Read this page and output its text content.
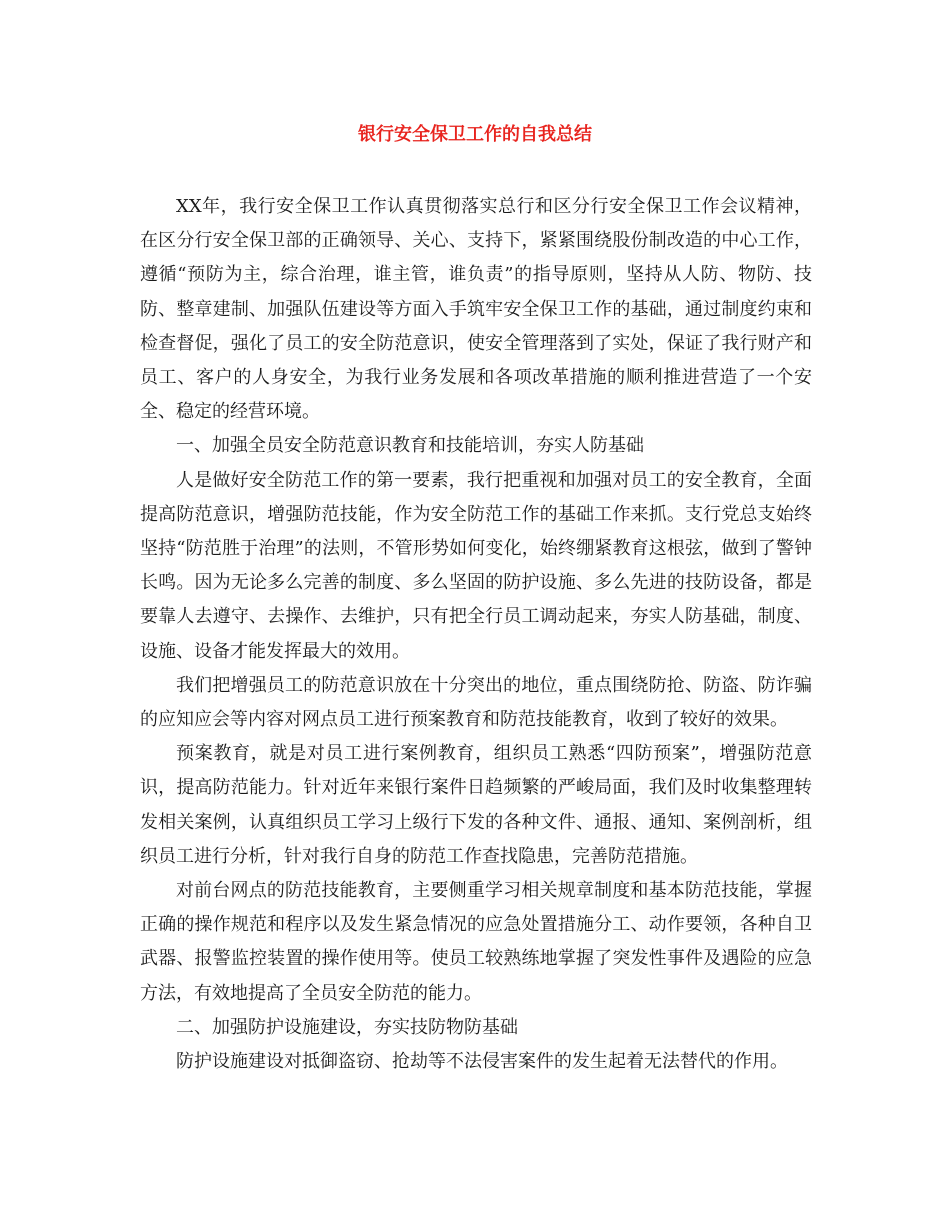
银行安全保卫工作的自我总结

XX年，我行安全保卫工作认真贯彻落实总行和区分行安全保卫工作会议精神，在区分行安全保卫部的正确领导、关心、支持下，紧紧围绕股份制改造的中心工作，遵循“预防为主，综合治理，谁主管，谁负责”的指导原则，坚持从人防、物防、技防、整章建制、加强队伍建设等方面入手筑牢安全保卫工作的基础，通过制度约束和检查督促，强化了员工的安全防范意识，使安全管理落到了实处，保证了我行财产和员工、客户的人身安全，为我行业务发展和各项改革措施的顺利推进营造了一个安全、稳定的经营环境。

一、加强全员安全防范意识教育和技能培训，夯实人防基础

人是做好安全防范工作的第一要素，我行把重视和加强对员工的安全教育，全面提高防范意识，增强防范技能，作为安全防范工作的基础工作来抓。支行党总支始终坚持“防范胜于治理”的法则，不管形势如何变化，始终绷紧教育这根弦，做到了警钟长鸣。因为无论多么完善的制度、多么坚固的防护设施、多么先进的技防设备，都是要靠人去遵守、去操作、去维护，只有把全行员工调动起来，夯实人防基础，制度、设施、设备才能发挥最大的效用。

我们把增强员工的防范意识放在十分突出的地位，重点围绕防抢、防盗、防诈骗的应知应会等内容对网点员工进行预案教育和防范技能教育，收到了较好的效果。

预案教育，就是对员工进行案例教育，组织员工熟悉“四防预案”，增强防范意识，提高防范能力。针对近年来银行案件日趋频繁的严峻局面，我们及时收集整理转发相关案例，认真组织员工学习上级行下发的各种文件、通报、通知、案例剖析，组织员工进行分析，针对我行自身的防范工作查找隐患，完善防范措施。

对前台网点的防范技能教育，主要侧重学习相关规章制度和基本防范技能，掌握正确的操作规范和程序以及发生紧急情况的应急处置措施分工、动作要领，各种自卫武器、报警监控装置的操作使用等。使员工较熟练地掌握了突发性事件及遇险的应急方法，有效地提高了全员安全防范的能力。

二、加强防护设施建设，夯实技防物防基础

防护设施建设对抵御盗窃、抢劫等不法侵害案件的发生起着无法替代的作用。
